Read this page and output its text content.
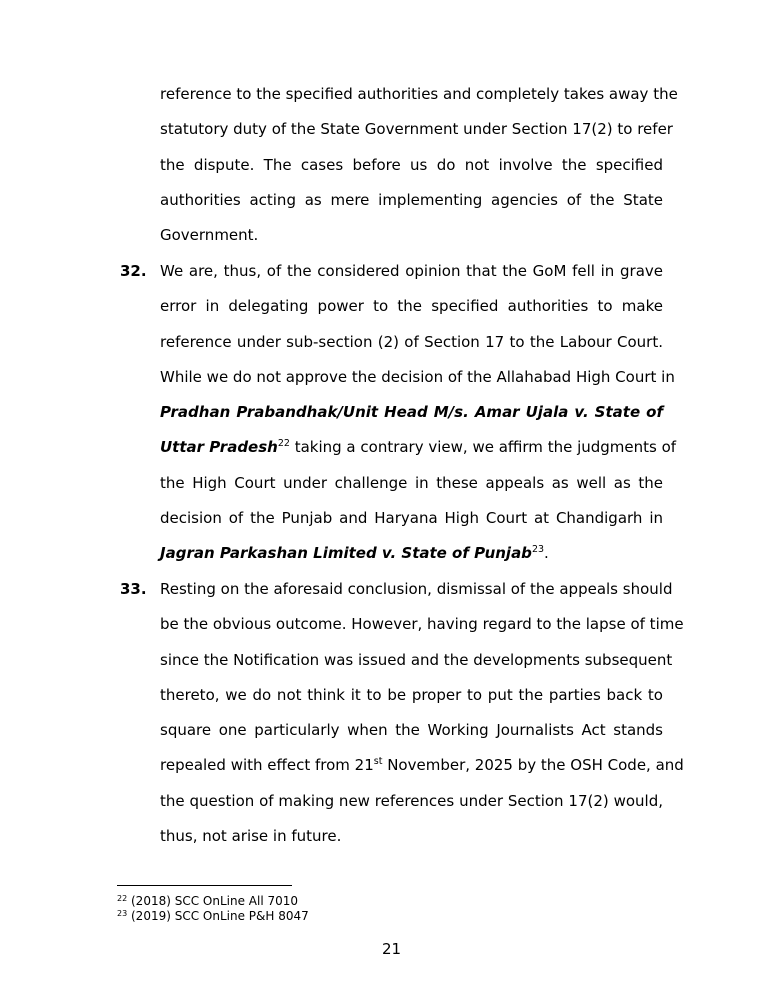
reference to the specified authorities and completely takes away the
statutory duty of the State Government under Section 17(2) to refer
the dispute. The cases before us do not involve the specified
authorities acting as mere implementing agencies of the State
Government.
32. We are, thus, of the considered opinion that the GoM fell in grave
error in delegating power to the specified authorities to make
reference under sub-section (2) of Section 17 to the Labour Court.
While we do not approve the decision of the Allahabad High Court in
Pradhan Prabandhak/Unit Head M/s. Amar Ujala v. State of
Uttar Pradesh$^{22}$ taking a contrary view, we affirm the judgments of
the High Court under challenge in these appeals as well as the
decision of the Punjab and Haryana High Court at Chandigarh in
Jagran Parkashan Limited v. State of Punjab$^{23}$.
33. Resting on the aforesaid conclusion, dismissal of the appeals should
be the obvious outcome. However, having regard to the lapse of time
since the Notification was issued and the developments subsequent
thereto, we do not think it to be proper to put the parties back to
square one particularly when the Working Journalists Act stands
repealed with effect from 21st November, 2025 by the OSH Code, and
the question of making new references under Section 17(2) would,
thus, not arise in future.
$^{22}$ (2018) SCC OnLine All 7010
$^{23}$ (2019) SCC OnLine P&H 8047
21
